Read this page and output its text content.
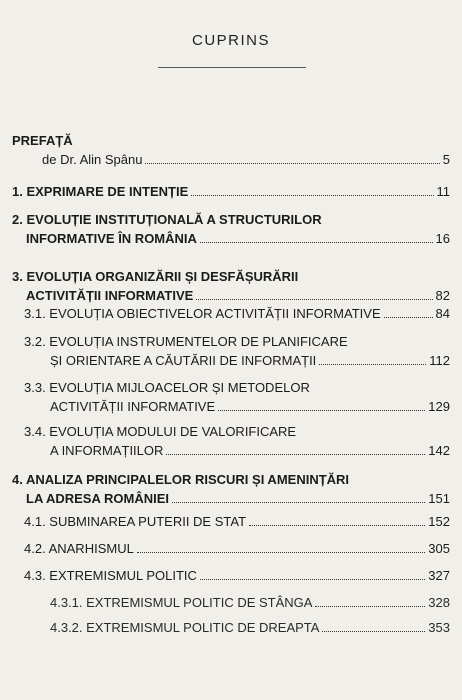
CUPRINS
PREFAȚĂ
de Dr. Alin Spânu	5
1. EXPRIMARE DE INTENȚIE	11
2. EVOLUȚIE INSTITUȚIONALĂ A STRUCTURILOR
INFORMATIVE ÎN ROMÂNIA	16
3. EVOLUȚIA ORGANIZĂRII ȘI DESFĂȘURĂRII
ACTIVITĂȚII INFORMATIVE	82
3.1. EVOLUȚIA OBIECTIVELOR ACTIVITĂȚII INFORMATIVE	84
3.2. EVOLUȚIA INSTRUMENTELOR DE PLANIFICARE
ȘI ORIENTARE A CĂUTĂRII DE INFORMAȚII	112
3.3. EVOLUȚIA MIJLOACELOR ȘI METODELOR
ACTIVITĂȚII INFORMATIVE	129
3.4. EVOLUȚIA MODULUI DE VALORIFICARE
A INFORMAȚIILOR	142
4. ANALIZA PRINCIPALELOR RISCURI ȘI AMENINȚĂRI
LA ADRESA ROMÂNIEI	151
4.1. SUBMINAREA PUTERII DE STAT	152
4.2. ANARHISMUL	305
4.3. EXTREMISMUL POLITIC	327
4.3.1. EXTREMISMUL POLITIC DE STÂNGA	328
4.3.2. EXTREMISMUL POLITIC DE DREAPTA	353
